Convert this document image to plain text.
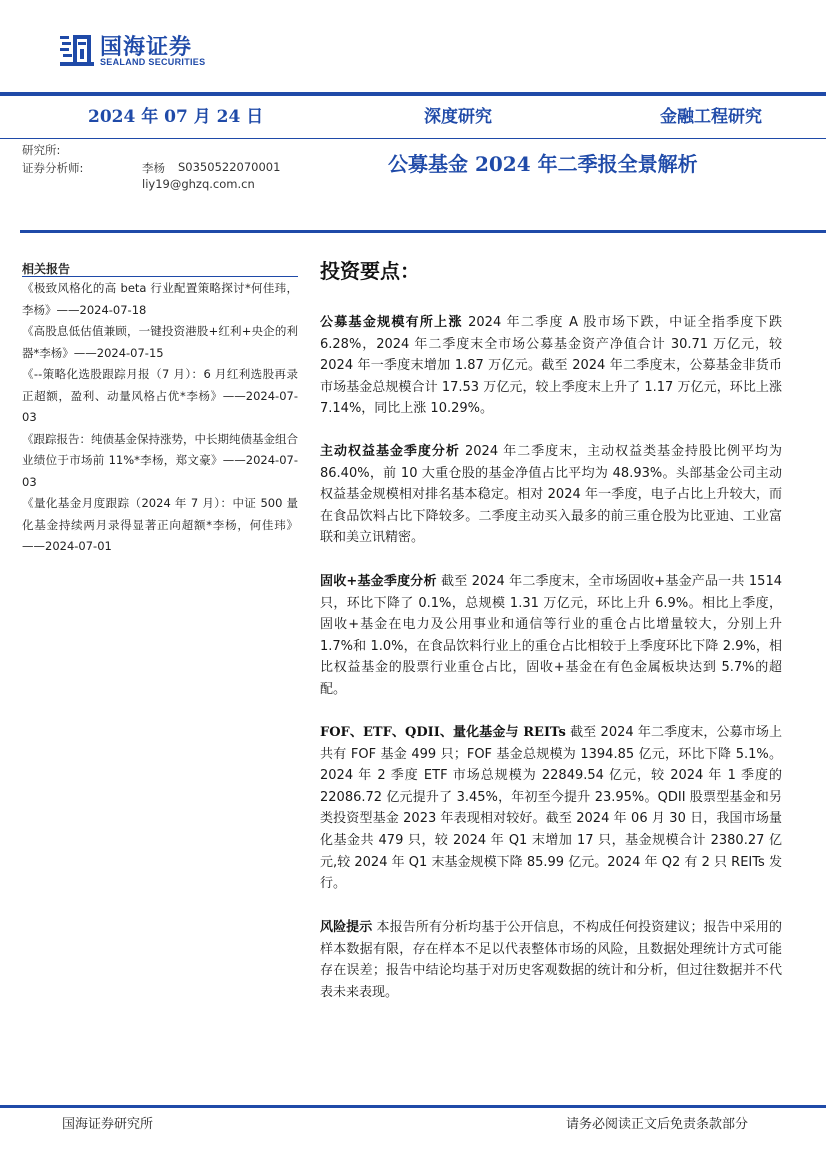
国海证券
SEALAND SECURITIES
2024 年 07 月 24 日	深度研究	金融工程研究
研究所:
证券分析师:	李杨 S0350522070001
liy19@ghzq.com.cn
公募基金 2024 年二季报全景解析
相关报告
《极致风格化的高 beta 行业配置策略探讨*何佳玮，李杨》——2024-07-18
《高股息低估值兼顾，一键投资港股+红利+央企的利器*李杨》——2024-07-15
《--策略化选股跟踪月报（7 月）：6 月红利选股再录正超额，盈利、动量风格占优*李杨》——2024-07-03
《跟踪报告：纯债基金保持涨势，中长期纯债基金组合业绩位于市场前 11%*李杨，郑文豪》——2024-07-03
《量化基金月度跟踪（2024 年 7 月）：中证 500 量化基金持续两月录得显著正向超额*李杨，何佳玮》——2024-07-01
投资要点：
公募基金规模有所上涨 2024 年二季度 A 股市场下跌，中证全指季度下跌 6.28%，2024 年二季度末全市场公募基金资产净值合计 30.71 万亿元，较 2024 年一季度末增加 1.87 万亿元。截至 2024 年二季度末，公募基金非货币市场基金总规模合计 17.53 万亿元，较上季度末上升了 1.17 万亿元，环比上涨 7.14%，同比上涨 10.29%。
主动权益基金季度分析 2024 年二季度末，主动权益类基金持股比例平均为 86.40%，前 10 大重仓股的基金净值占比平均为 48.93%。头部基金公司主动权益基金规模相对排名基本稳定。相对 2024 年一季度，电子占比上升较大，而在食品饮料占比下降较多。二季度主动买入最多的前三重仓股为比亚迪、工业富联和美立讯精密。
固收+基金季度分析 截至 2024 年二季度末，全市场固收+基金产品一共 1514 只，环比下降了 0.1%，总规模 1.31 万亿元，环比上升 6.9%。相比上季度，固收+基金在电力及公用事业和通信等行业的重仓占比增量较大，分别上升 1.7%和 1.0%，在食品饮料行业上的重仓占比相较于上季度环比下降 2.9%，相比权益基金的股票行业重仓占比，固收+基金在有色金属板块达到 5.7%的超配。
FOF、ETF、QDII、量化基金与 REITs 截至 2024 年二季度末，公募市场上共有 FOF 基金 499 只；FOF 基金总规模为 1394.85 亿元，环比下降 5.1%。2024 年 2 季度 ETF 市场总规模为 22849.54 亿元，较 2024 年 1 季度的 22086.72 亿元提升了 3.45%，年初至今提升 23.95%。QDII 股票型基金和另类投资型基金 2023 年表现相对较好。截至 2024 年 06 月 30 日，我国市场量化基金共 479 只，较 2024 年 Q1 末增加 17 只，基金规模合计 2380.27 亿元,较 2024 年 Q1 末基金规模下降 85.99 亿元。2024 年 Q2 有 2 只 REITs 发行。
风险提示 本报告所有分析均基于公开信息，不构成任何投资建议；报告中采用的样本数据有限，存在样本不足以代表整体市场的风险，且数据处理统计方式可能存在误差；报告中结论均基于对历史客观数据的统计和分析，但过往数据并不代表未来表现。
国海证券研究所	请务必阅读正文后免责条款部分
